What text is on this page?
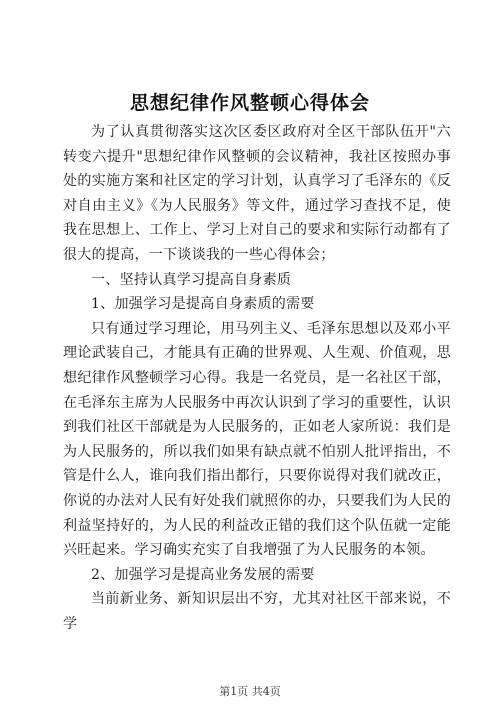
思想纪律作风整顿心得体会

为了认真贯彻落实这次区委区政府对全区干部队伍开"六转变六提升"思想纪律作风整顿的会议精神，我社区按照办事处的实施方案和社区定的学习计划，认真学习了毛泽东的《反对自由主义》《为人民服务》等文件，通过学习查找不足，使我在思想上、工作上、学习上对自己的要求和实际行动都有了很大的提高，一下谈谈我的一些心得体会；

一、坚持认真学习提高自身素质

1、加强学习是提高自身素质的需要

只有通过学习理论，用马列主义、毛泽东思想以及邓小平理论武装自己，才能具有正确的世界观、人生观、价值观，思想纪律作风整顿学习心得。我是一名党员，是一名社区干部，在毛泽东主席为人民服务中再次认识到了学习的重要性，认识到我们社区干部就是为人民服务的，正如老人家所说：我们是为人民服务的，所以我们如果有缺点就不怕别人批评指出，不管是什么人，谁向我们指出都行，只要你说得对我们就改正，你说的办法对人民有好处我们就照你的办，只要我们为人民的利益坚持好的，为人民的利益改正错的我们这个队伍就一定能兴旺起来。学习确实充实了自我增强了为人民服务的本领。

2、加强学习是提高业务发展的需要

当前新业务、新知识层出不穷，尤其对社区干部来说，不学

第1页 共4页
